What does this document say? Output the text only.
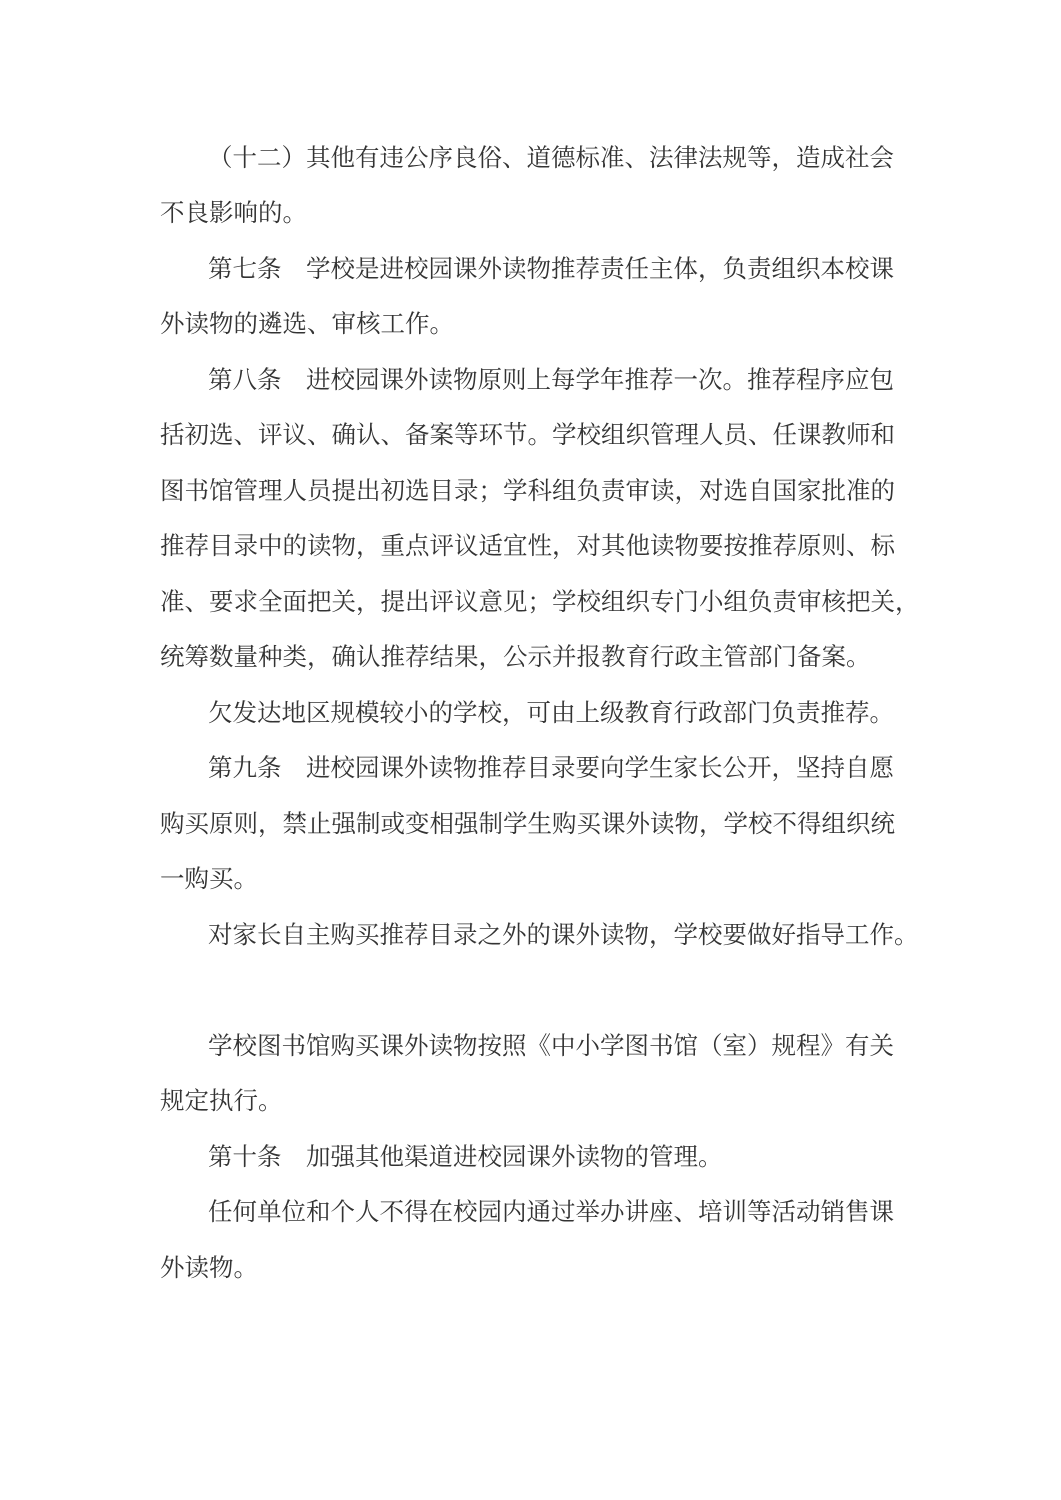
（十二）其他有违公序良俗、道德标准、法律法规等，造成社会
不良影响的。
第七条　学校是进校园课外读物推荐责任主体，负责组织本校课
外读物的遴选、审核工作。
第八条　进校园课外读物原则上每学年推荐一次。推荐程序应包
括初选、评议、确认、备案等环节。学校组织管理人员、任课教师和
图书馆管理人员提出初选目录；学科组负责审读，对选自国家批准的
推荐目录中的读物，重点评议适宜性，对其他读物要按推荐原则、标
准、要求全面把关，提出评议意见；学校组织专门小组负责审核把关，
统筹数量种类，确认推荐结果，公示并报教育行政主管部门备案。
欠发达地区规模较小的学校，可由上级教育行政部门负责推荐。
第九条　进校园课外读物推荐目录要向学生家长公开，坚持自愿
购买原则，禁止强制或变相强制学生购买课外读物，学校不得组织统
一购买。
对家长自主购买推荐目录之外的课外读物，学校要做好指导工作。
学校图书馆购买课外读物按照《中小学图书馆（室）规程》有关
规定执行。
第十条　加强其他渠道进校园课外读物的管理。
任何单位和个人不得在校园内通过举办讲座、培训等活动销售课
外读物。
